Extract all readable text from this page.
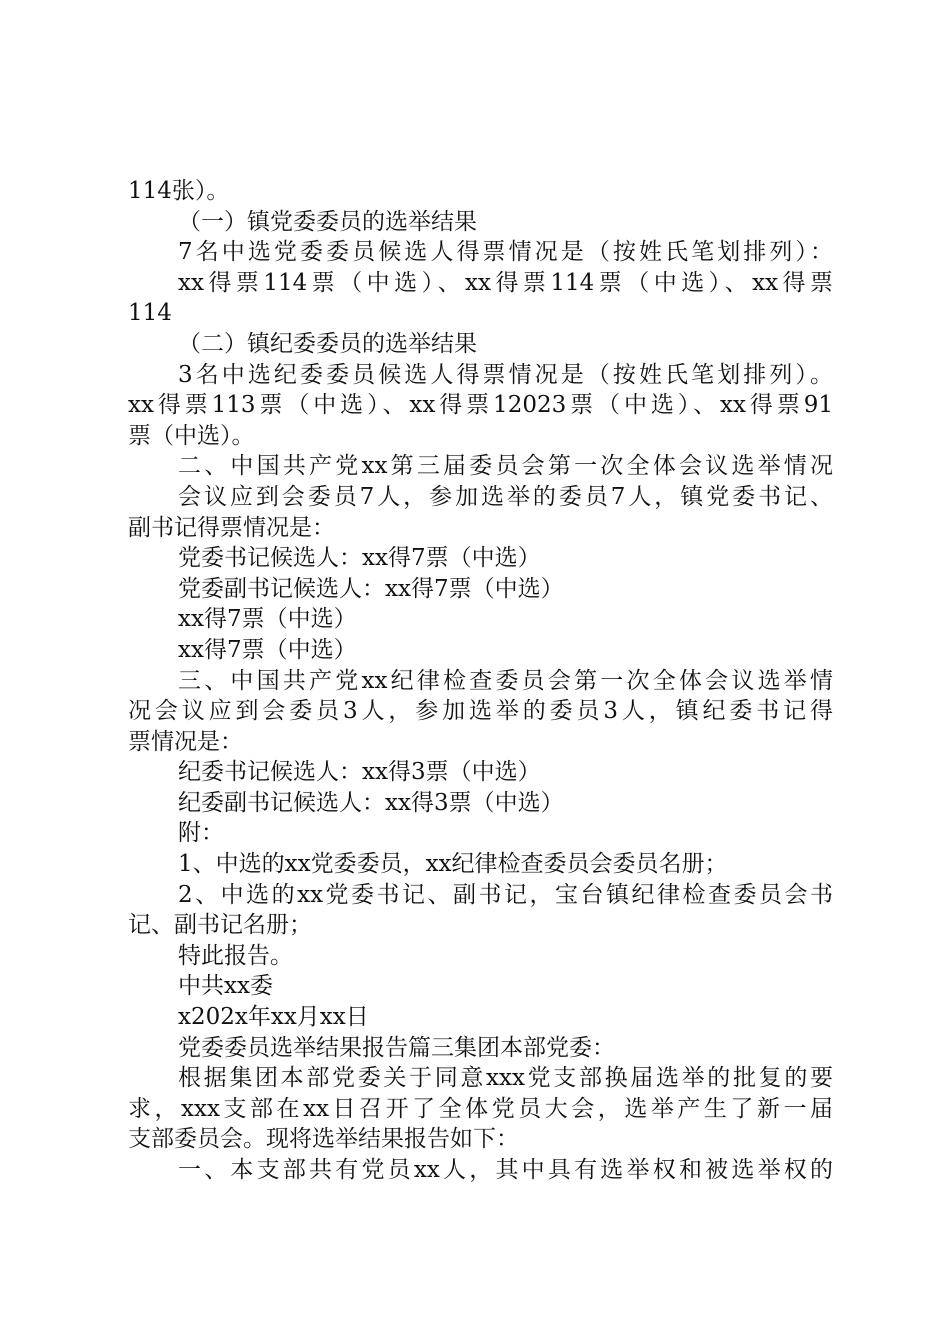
114张）。
（一）镇党委委员的选举结果
7名中选党委委员候选人得票情况是（按姓氏笔划排列）：
xx得票114票（中选）、xx得票114票（中选）、xx得票
114
（二）镇纪委委员的选举结果
3名中选纪委委员候选人得票情况是（按姓氏笔划排列）。
xx得票113票（中选）、xx得票12023票（中选）、xx得票91
票（中选）。
二、中国共产党xx第三届委员会第一次全体会议选举情况
会议应到会委员7人，参加选举的委员7人，镇党委书记、
副书记得票情况是：
党委书记候选人：xx得7票（中选）
党委副书记候选人：xx得7票（中选）
xx得7票（中选）
xx得7票（中选）
三、中国共产党xx纪律检查委员会第一次全体会议选举情
况会议应到会委员3人，参加选举的委员3人，镇纪委书记得
票情况是：
纪委书记候选人：xx得3票（中选）
纪委副书记候选人：xx得3票（中选）
附：
1、中选的xx党委委员，xx纪律检查委员会委员名册；
2、中选的xx党委书记、副书记，宝台镇纪律检查委员会书
记、副书记名册；
特此报告。
中共xx委
x202x年xx月xx日
党委委员选举结果报告篇三集团本部党委：
根据集团本部党委关于同意xxx党支部换届选举的批复的要
求，xxx支部在xx日召开了全体党员大会，选举产生了新一届
支部委员会。现将选举结果报告如下：
一、本支部共有党员xx人，其中具有选举权和被选举权的
